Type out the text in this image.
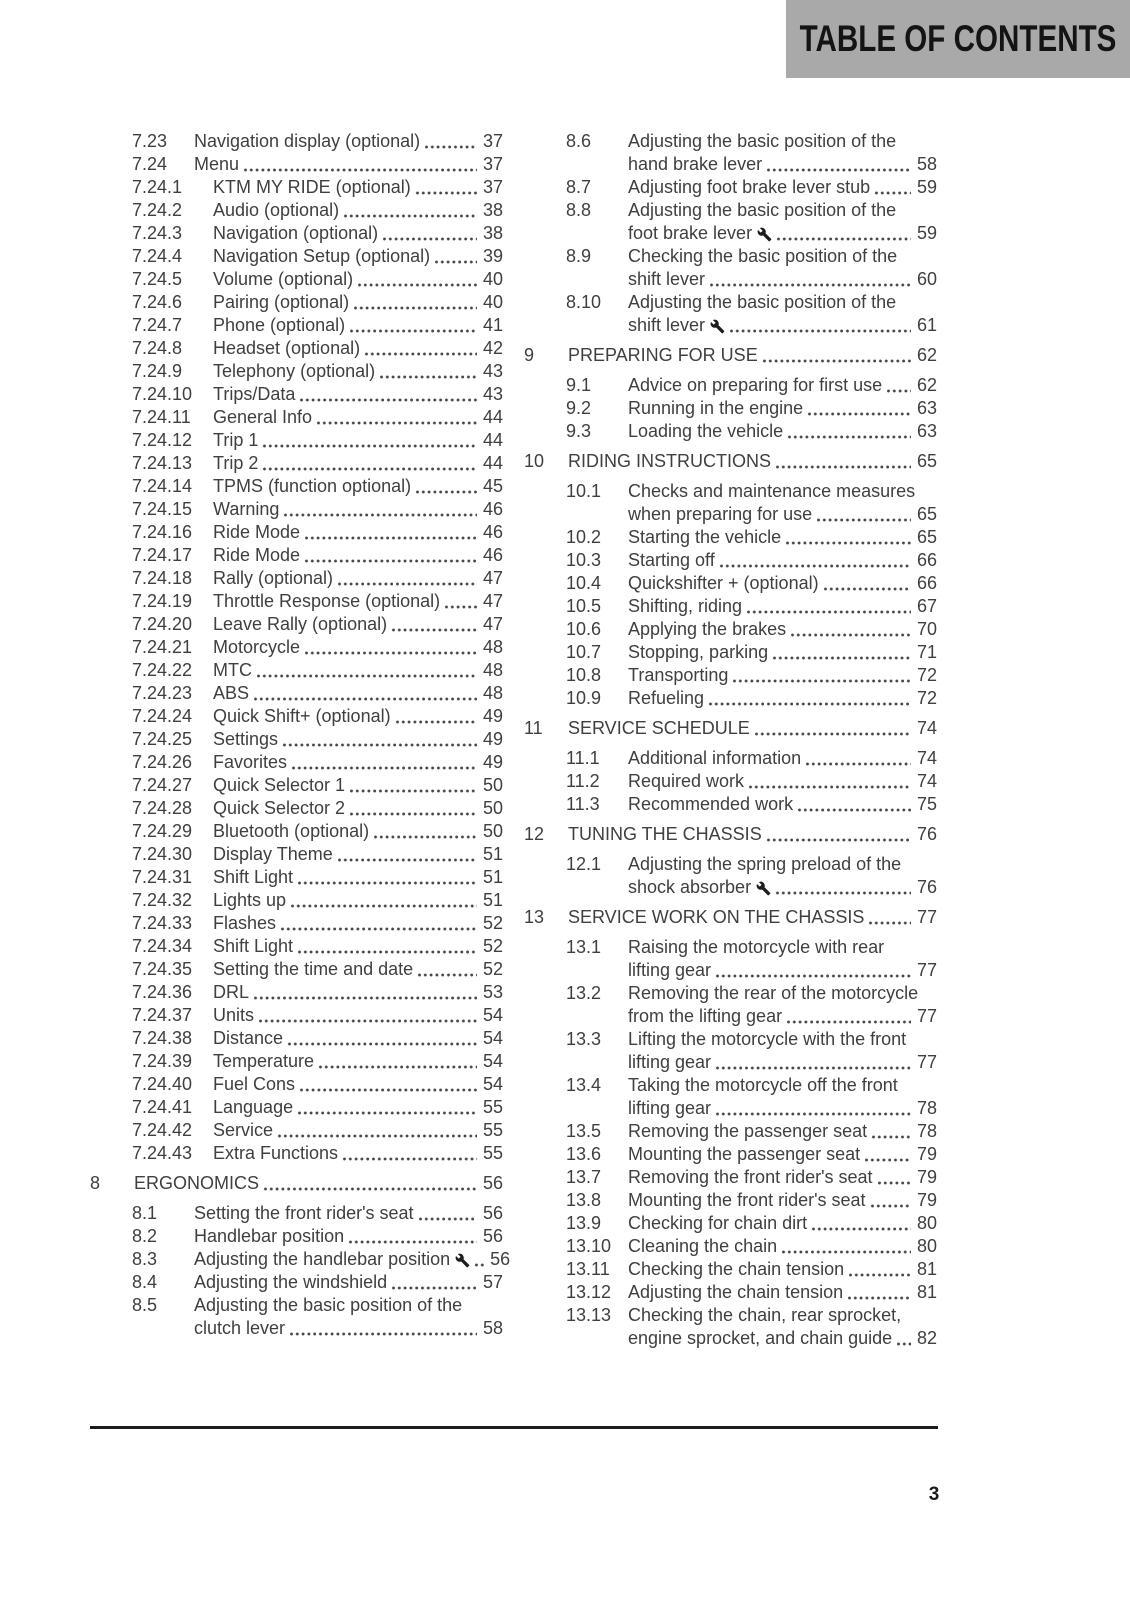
TABLE OF CONTENTS
7.23	Navigation display (optional)	37
7.24	Menu	37
7.24.1	KTM MY RIDE (optional)	37
7.24.2	Audio (optional)	38
7.24.3	Navigation (optional)	38
7.24.4	Navigation Setup (optional)	39
7.24.5	Volume (optional)	40
7.24.6	Pairing (optional)	40
7.24.7	Phone (optional)	41
7.24.8	Headset (optional)	42
7.24.9	Telephony (optional)	43
7.24.10	Trips/Data	43
7.24.11	General Info	44
7.24.12	Trip 1	44
7.24.13	Trip 2	44
7.24.14	TPMS (function optional)	45
7.24.15	Warning	46
7.24.16	Ride Mode	46
7.24.17	Ride Mode	46
7.24.18	Rally (optional)	47
7.24.19	Throttle Response (optional) 47
7.24.20	Leave Rally (optional)	47
7.24.21	Motorcycle	48
7.24.22	MTC	48
7.24.23	ABS	48
7.24.24	Quick Shift+ (optional)	49
7.24.25	Settings	49
7.24.26	Favorites	49
7.24.27	Quick Selector 1	50
7.24.28	Quick Selector 2	50
7.24.29	Bluetooth (optional)	50
7.24.30	Display Theme	51
7.24.31	Shift Light	51
7.24.32	Lights up	51
7.24.33	Flashes	52
7.24.34	Shift Light	52
7.24.35	Setting the time and date	52
7.24.36	DRL	53
7.24.37	Units	54
7.24.38	Distance	54
7.24.39	Temperature	54
7.24.40	Fuel Cons	54
7.24.41	Language	55
7.24.42	Service	55
7.24.43	Extra Functions	55
8	ERGONOMICS	56
8.1	Setting the front rider's seat	56
8.2	Handlebar position	56
8.3	Adjusting the handlebar position 56
8.4	Adjusting the windshield	57
8.5	Adjusting the basic position of the
clutch lever	58
8.6	Adjusting the basic position of the
hand brake lever	58
8.7	Adjusting foot brake lever stub	59
8.8	Adjusting the basic position of the
foot brake lever	59
8.9	Checking the basic position of the
shift lever	60
8.10	Adjusting the basic position of the
shift lever	61
9	PREPARING FOR USE	62
9.1	Advice on preparing for first use 62
9.2	Running in the engine	63
9.3	Loading the vehicle	63
10	RIDING INSTRUCTIONS	65
10.1	Checks and maintenance measures
when preparing for use	65
10.2	Starting the vehicle	65
10.3	Starting off	66
10.4	Quickshifter + (optional)	66
10.5	Shifting, riding	67
10.6	Applying the brakes	70
10.7	Stopping, parking	71
10.8	Transporting	72
10.9	Refueling	72
11	SERVICE SCHEDULE	74
11.1	Additional information	74
11.2	Required work	74
11.3	Recommended work	75
12	TUNING THE CHASSIS	76
12.1	Adjusting the spring preload of the
shock absorber	76
13	SERVICE WORK ON THE CHASSIS	77
13.1	Raising the motorcycle with rear
lifting gear	77
13.2	Removing the rear of the motorcycle
from the lifting gear	77
13.3	Lifting the motorcycle with the front
lifting gear	77
13.4	Taking the motorcycle off the front
lifting gear	78
13.5	Removing the passenger seat	78
13.6	Mounting the passenger seat	79
13.7	Removing the front rider's seat 79
13.8	Mounting the front rider's seat	79
13.9	Checking for chain dirt	80
13.10 Cleaning the chain	80
13.11	Checking the chain tension	81
13.12 Adjusting the chain tension	81
13.13 Checking the chain, rear sprocket,
engine sprocket, and chain guide 82
3
